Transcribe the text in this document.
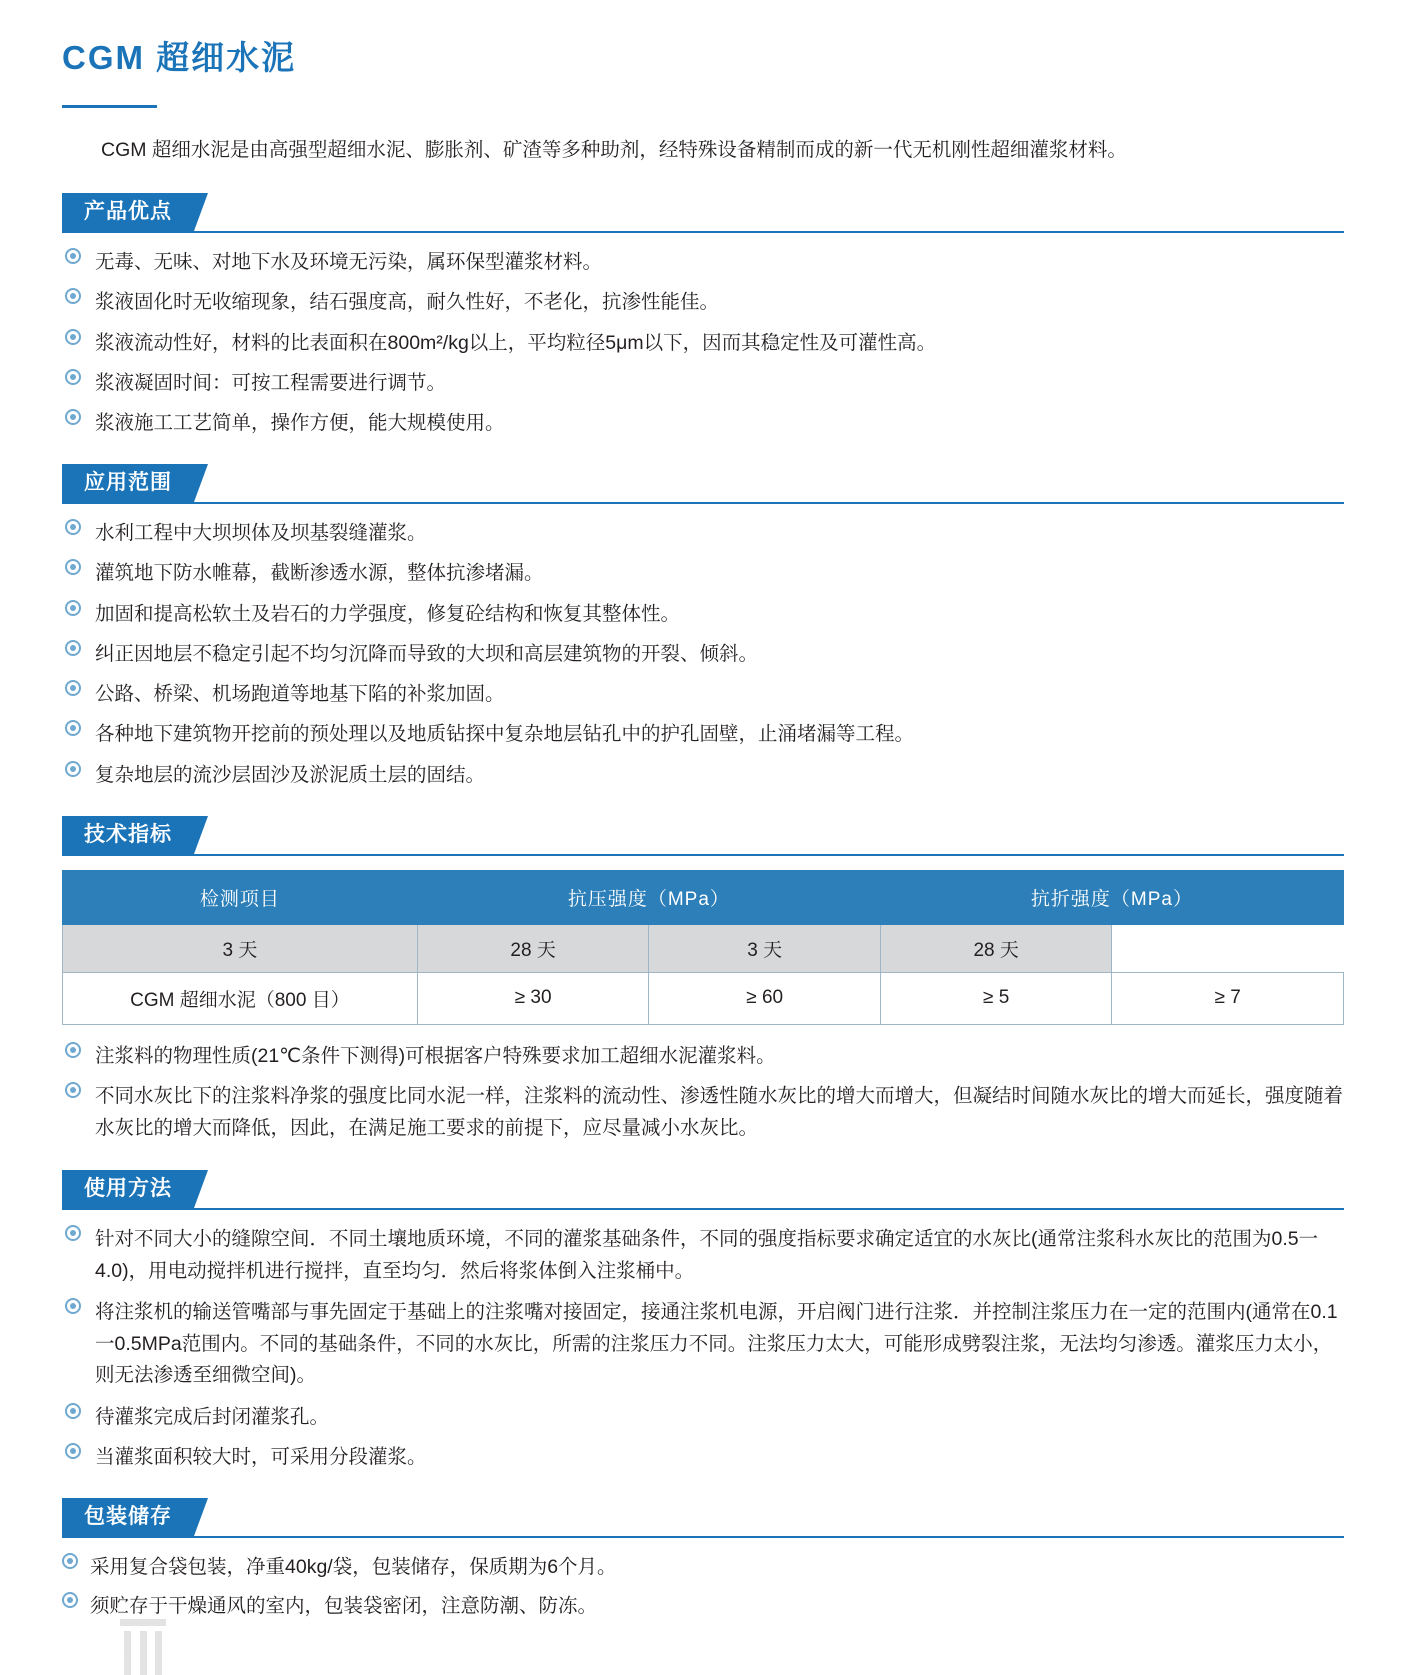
CGM 超细水泥

CGM 超细水泥是由高强型超细水泥、膨胀剂、矿渣等多种助剂，经特殊设备精制而成的新一代无机刚性超细灌浆材料。

产品优点
无毒、无味、对地下水及环境无污染，属环保型灌浆材料。
浆液固化时无收缩现象，结石强度高，耐久性好，不老化，抗渗性能佳。
浆液流动性好，材料的比表面积在800m²/kg以上，平均粒径5μm以下，因而其稳定性及可灌性高。
浆液凝固时间：可按工程需要进行调节。
浆液施工工艺简单，操作方便，能大规模使用。
应用范围
水利工程中大坝坝体及坝基裂缝灌浆。
灌筑地下防水帷幕，截断渗透水源，整体抗渗堵漏。
加固和提高松软土及岩石的力学强度，修复砼结构和恢复其整体性。
纠正因地层不稳定引起不均匀沉降而导致的大坝和高层建筑物的开裂、倾斜。
公路、桥梁、机场跑道等地基下陷的补浆加固。
各种地下建筑物开挖前的预处理以及地质钻探中复杂地层钻孔中的护孔固壁，止涌堵漏等工程。
复杂地层的流沙层固沙及淤泥质土层的固结。
技术指标
检测项目	抗压强度（MPa）		抗折强度（MPa）	
3 天	28 天	3 天	28 天	
CGM 超细水泥（800 目）	≥ 30	≥ 60	≥ 5	≥ 7
注浆料的物理性质(21℃条件下测得)可根据客户特殊要求加工超细水泥灌浆料。
不同水灰比下的注浆料净浆的强度比同水泥一样，注浆料的流动性、渗透性随水灰比的增大而增大，但凝结时间随水灰比的增大而延长，强度随着水灰比的增大而降低，因此，在满足施工要求的前提下，应尽量减小水灰比。
使用方法
针对不同大小的缝隙空间．不同土壤地质环境，不同的灌浆基础条件，不同的强度指标要求确定适宜的水灰比(通常注浆科水灰比的范围为0.5一4.0)，用电动搅拌机进行搅拌，直至均匀．然后将浆体倒入注浆桶中。
将注浆机的输送管嘴部与事先固定于基础上的注浆嘴对接固定，接通注浆机电源，开启阀门进行注浆．并控制注浆压力在一定的范围内(通常在0.1一0.5MPa范围内。不同的基础条件，不同的水灰比，所需的注浆压力不同。注浆压力太大，可能形成劈裂注浆，无法均匀渗透。灌浆压力太小，则无法渗透至细微空间)。
待灌浆完成后封闭灌浆孔。
当灌浆面积较大时，可采用分段灌浆。
包装储存
采用复合袋包装，净重40kg/袋，包装储存，保质期为6个月。
须贮存于干燥通风的室内，包装袋密闭，注意防潮、防冻。
